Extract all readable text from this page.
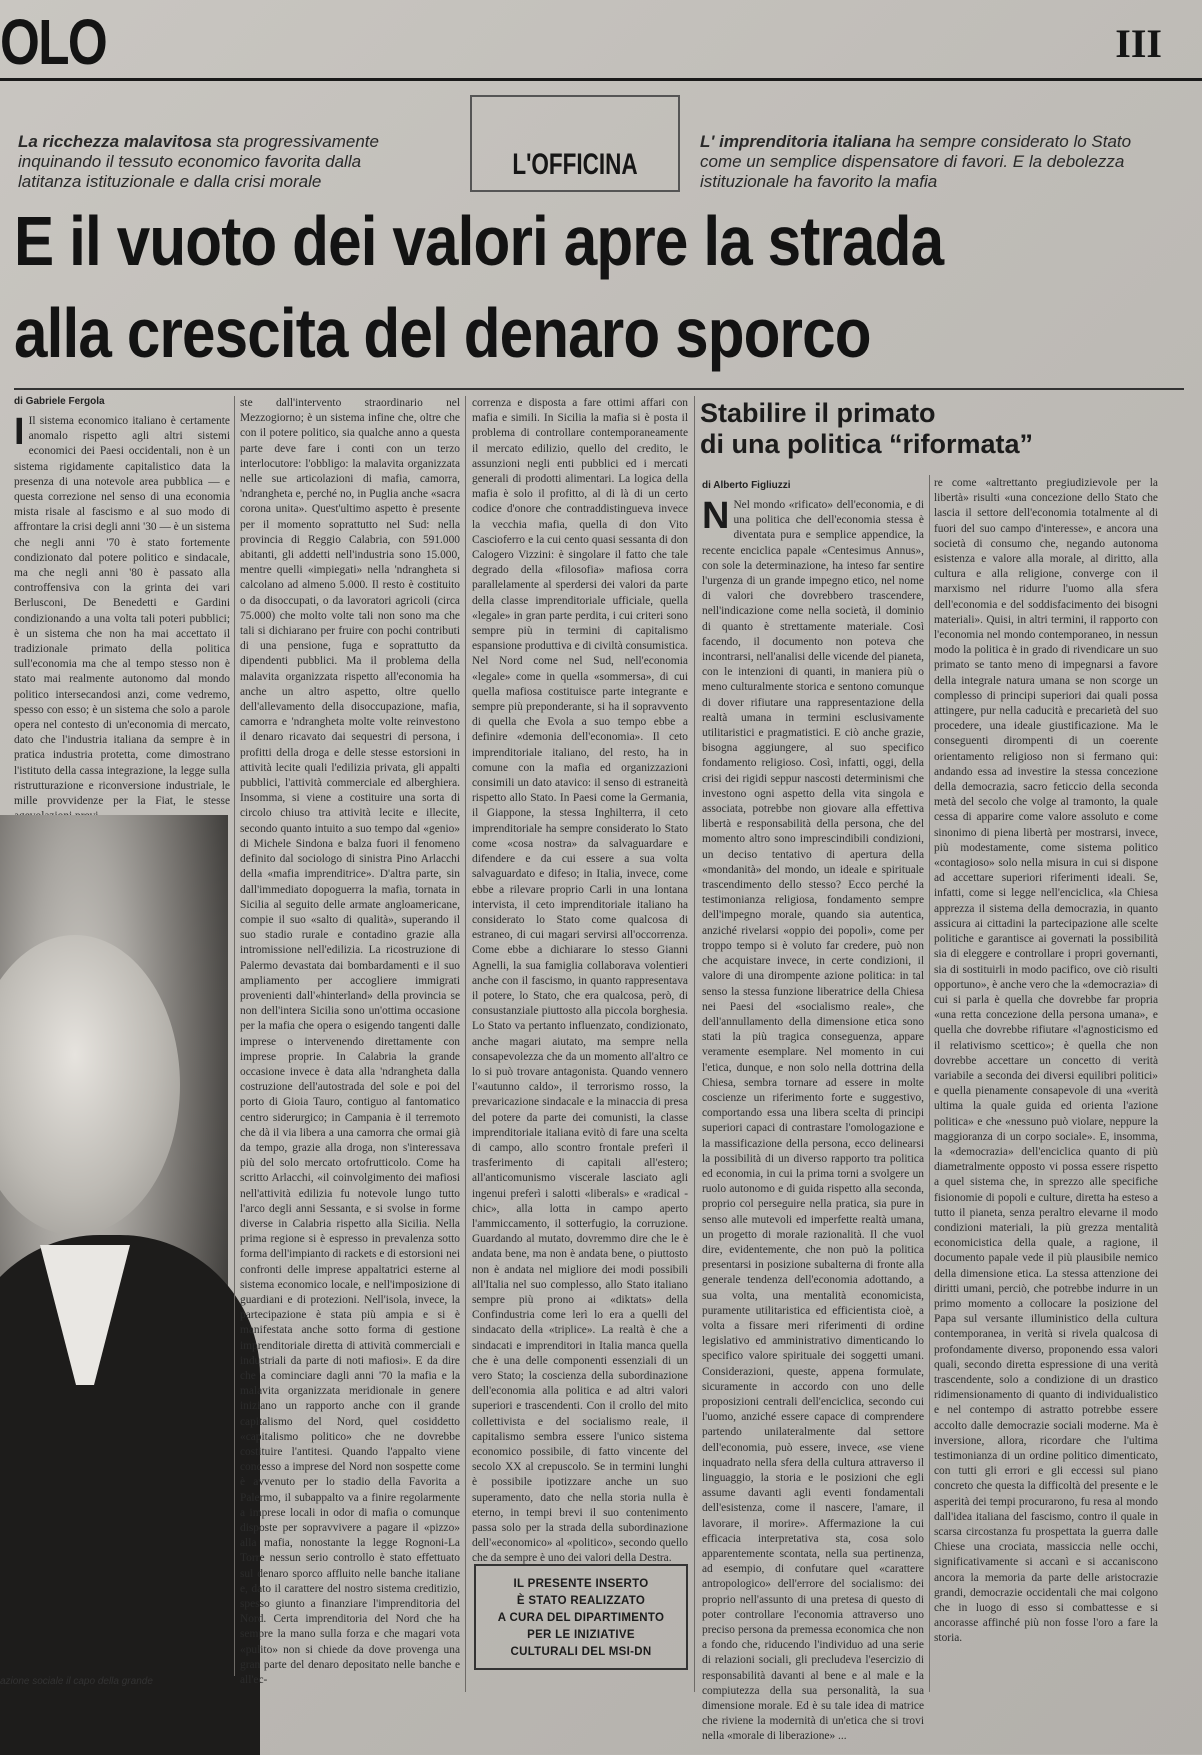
OLO	III
La ricchezza malavitosa sta progressivamente inquinando il tessuto economico favorita dalla latitanza istituzionale e dalla crisi morale
L'OFFICINA
L' imprenditoria italiana ha sempre considerato lo Stato come un semplice dispensatore di favori. E la debolezza istituzionale ha favorito la mafia
E il vuoto dei valori apre la strada
alla crescita del denaro sporco
di Gabriele Fergola

I Il sistema economico italiano è certamente anomalo rispetto agli altri sistemi economici dei Paesi occidentali, non è un sistema rigidamente capitalistico data la presenza di una notevole area pubblica — e questa correzione nel senso di una economia mista risale al fascismo e al suo modo di affrontare la crisi degli anni '30 — è un sistema che negli anni '70 è stato fortemente condizionato dal potere politico e sindacale, ma che negli anni '80 è passato alla controffensiva con la grinta dei vari Berlusconi, De Benedetti e Gardini condizionando a una volta tali poteri pubblici; è un sistema che non ha mai accettato il tradizionale primato della politica sull'economia ma che al tempo stesso non è stato mai realmente autonomo dal mondo politico intersecandosi anzi, come vedremo, spesso con esso; è un sistema che solo a parole opera nel contesto di un'economia di mercato, dato che l'industria italiana da sempre è in pratica industria protetta, come dimostrano l'istituto della cassa integrazione, la legge sulla ristrutturazione e riconversione industriale, le mille provvidenze per la Fiat, le stesse

azione sociale il capo della grande

ste dall'intervento straordinario nel Mezzogiorno; è un sistema infine che, oltre che con il potere politico, sia qualche anno a questa parte deve fare i conti con un terzo interlocutore: l'obbligo: la malavita organizzata nelle sue articolazioni di mafia, camorra, 'ndrangheta e, perché no, in Puglia anche «sacra corona unita». Quest'ultimo aspetto è presente per il momento soprattutto nel Sud: nella provincia di Reggio Calabria, con 591.000 abitanti, gli addetti nell'industria sono 15.000, mentre quelli «impiegati» nella 'ndrangheta si calcolano ad almeno 5.000. Il resto è costituito o da disoccupati, o da lavoratori agricoli (circa 75.000) che molto volte tali non sono ma che tali si dichiarano per fruire con pochi contributi di una pensione, fuga e soprattutto da dipendenti pubblici. Ma il problema della malavita organizzata rispetto all'economia ha anche un altro aspetto, oltre quello dell'allevamento della disoccupazione, mafia, camorra e 'ndrangheta molte volte reinvestono il denaro ricavato dai sequestri di persona, i profitti della droga e delle stesse estorsioni in attività lecite quali l'edilizia privata, gli appalti pubblici, l'attività commerciale ed alberghiera. Insomma, si viene a costituire una sorta di circolo chiuso tra attività lecite e illecite, secondo quanto intuito a suo tempo dal «genio» di Michele Sindona e balza fuori il fenomeno definito dal sociologo di sinistra Pino Arlacchi della «mafia imprenditrice». D'altra parte, sin dall'immediato dopoguerra la mafia, tornata in Sicilia al seguito delle armate angloamericane, compie il suo «salto di qualità», superando il suo stadio rurale e contadino grazie alla intromissione nell'edilizia. La ricostruzione di Palermo devastata dai bombardamenti e il suo ampliamento per accogliere immigrati provenienti dall'«hinterland» della provincia se non dell'intera Sicilia sono un'ottima occasione per la mafia che opera o esigendo tangenti dalle imprese o intervenendo direttamente con imprese proprie. In Calabria la grande occasione invece è data alla 'ndrangheta dalla costruzione dell'autostrada del sole e poi del porto di Gioia Tauro, contiguo al fantomatico centro siderurgico; in Campania è il terremoto che dà il via libera a una camorra che ormai già da tempo, grazie alla droga, non s'interessava più del solo mercato ortofrutticolo. Come ha scritto Arlacchi, «il coinvolgimento dei mafiosi nell'attività edilizia fu notevole lungo tutto l'arco degli anni Sessanta, e si svolse in forme diverse in Calabria rispetto alla Sicilia. Nella prima regione si è espresso in prevalenza sotto forma dell'impianto di rackets e di estorsioni nei confronti delle imprese appaltatrici esterne al sistema economico locale, e nell'imposizione di guardiani e di protezioni. Nell'isola, invece, la partecipazione è stata più ampia e si è manifestata anche sotto forma di gestione imprenditoriale diretta di attività commerciali e industriali da parte di noti mafiosi». E da dire che a cominciare dagli anni '70 la mafia e la malavita organizzata meridionale in genere iniziano un rapporto anche con il grande capitalismo del Nord, quel cosiddetto «capitalismo politico» che ne dovrebbe costituire l'antitesi. Quando l'appalto viene concesso a imprese del Nord non sospette come è avvenuto per lo stadio della Favorita a Palermo, il subappalto va a finire regolarmente a imprese locali in odor di mafia o comunque disposte per sopravvivere a pagare il «pizzo» alla mafia, nonostante la legge Rognoni-La Torre nessun serio controllo è stato effettuato sul denaro sporco affluito nelle banche italiane e, dato il carattere del nostro sistema creditizio, spesso giunto a finanziare l'imprenditoria del Nord. Certa imprenditoria del Nord che ha sempre la mano sulla forza e che magari vota «pulito» non si chiede da dove provenga una gran parte del denaro depositato nelle banche e all'ec-

correnza e disposta a fare ottimi affari con mafia e simili. In Sicilia la mafia si è posta il problema di controllare contemporaneamente il mercato edilizio, quello del credito, le assunzioni negli enti pubblici ed i mercati generali di prodotti alimentari. La logica della mafia è solo il profitto, al di là di un certo codice d'onore che contraddistingueva invece la vecchia mafia, quella di don Vito Cascioferro e la cui cento quasi sessanta di don Calogero Vizzini: è singolare il fatto che tale degrado della «filosofia» mafiosa corra parallelamente al sperdersi dei valori da parte della classe imprenditoriale ufficiale, quella «legale» in gran parte perdita, i cui criteri sono sempre più in termini di capitalismo espansione produttiva e di civiltà consumistica. Nel Nord come nel Sud, nell'economia «legale» come in quella «sommersa», di cui quella mafiosa costituisce parte integrante e sempre più preponderante, si ha il sopravvento di quella che Evola a suo tempo ebbe a definire «demonia dell'economia». Il ceto imprenditoriale italiano, del resto, ha in comune con la mafia ed organizzazioni consimili un dato atavico: il senso di estraneità rispetto allo Stato. In Paesi come la Germania, il Giappone, la stessa Inghilterra, il ceto imprenditoriale ha sempre considerato lo Stato come «cosa nostra» da salvaguardare e difendere e da cui essere a sua volta salvaguardato e difeso; in Italia, invece, come ebbe a rilevare proprio Carli in una lontana intervista, il ceto imprenditoriale italiano ha considerato lo Stato come qualcosa di estraneo, di cui magari servirsi all'occorrenza. Come ebbe a dichiarare lo stesso Gianni Agnelli, la sua famiglia collaborava volentieri anche con il fascismo, in quanto rappresentava il potere, lo Stato, che era qualcosa, però, di consustanziale piuttosto alla piccola borghesia. Lo Stato va pertanto influenzato, condizionato, anche magari aiutato, ma sempre nella consapevolezza che da un momento all'altro ce lo si può trovare antagonista. Quando vennero l'«autunno caldo», il terrorismo rosso, la prevaricazione sindacale e la minaccia di presa del potere da parte dei comunisti, la classe imprenditoriale italiana evitò di fare una scelta di campo, allo scontro frontale preferì il trasferimento di capitali all'estero; all'anticomunismo viscerale lasciato agli ingenui preferì i salotti «liberals» e «radical - chic», alla lotta in campo aperto l'ammiccamento, il sotterfugio, la corruzione. Guardando al mutato, dovremmo dire che le è andata bene, ma non è andata bene, o piuttosto non è andata nel migliore dei modi possibili all'Italia nel suo complesso, allo Stato italiano sempre più prono ai «diktats» della Confindustria come lerì lo era a quelli del sindacato della «triplice». La realtà è che a sindacati e imprenditori in Italia manca quella che è una delle componenti essenziali di un vero Stato; la coscienza della subordinazione dell'economia alla politica e ad altri valori superiori e trascendenti. Con il crollo del mito collettivista e del socialismo reale, il capitalismo sembra essere l'unico sistema economico possibile, di fatto vincente del secolo XX al crepuscolo. Se in termini lunghi è possibile ipotizzare anche un suo superamento, dato che nella storia nulla è eterno, in tempi brevi il suo contenimento passa solo per la strada della subordinazione dell'«economico» al «politico», secondo quello che da sempre è uno dei valori della Destra.

IL PRESENTE INSERTO
È STATO REALIZZATO
A CURA DEL DIPARTIMENTO
PER LE INIZIATIVE
CULTURALI DEL MSI-DN
Stabilire il primato
di una politica “riformata”
di Alberto Figliuzzi

N Nel mondo «rificato» dell'economia, e di una politica che dell'economia stessa è diventata pura e semplice appendice, la recente enciclica papale «Centesimus Annus», con sole la determinazione, ha inteso far sentire l'urgenza di un grande impegno etico, nel nome di valori che dovrebbero trascendere, nell'indicazione come nella società, il dominio di quanto è strettamente materiale. Così facendo, il documento non poteva che incontrarsi, nell'analisi delle vicende del pianeta, con le intenzioni di quanti, in maniera più o meno culturalmente storica e sentono comunque di dover rifiutare una rappresentazione della realtà umana in termini esclusivamente utilitaristici e pragmatistici. E ciò anche grazie, bisogna aggiungere, al suo specifico fondamento religioso. Così, infatti, oggi, della crisi dei rigidi seppur nascosti determinismi che investono ogni aspetto della vita singola e associata, potrebbe non giovare alla effettiva libertà e responsabilità della persona, che del momento altro sono imprescindibili condizioni, un deciso tentativo di apertura della «mondanità» del mondo, un ideale e spirituale trascendimento dello stesso? Ecco perché la testimonianza religiosa, fondamento sempre dell'impegno morale, quando sia autentica, anziché rivelarsi «oppio dei popoli», come per troppo tempo si è voluto far credere, può non che acquistare invece, in certe condizioni, il valore di una dirompente azione politica: in tal senso la stessa funzione liberatrice della Chiesa nei Paesi del «socialismo reale», che dell'annullamento della dimensione etica sono stati la più tragica conseguenza, appare veramente esemplare. Nel momento in cui l'etica, dunque, e non solo nella dottrina della Chiesa, sembra tornare ad essere in molte coscienze un riferimento forte e suggestivo, comportando essa una libera scelta di principi superiori capaci di contrastare l'omologazione e la massificazione della persona, ecco delinearsi la possibilità di un diverso rapporto tra politica ed economia, in cui la prima torni a svolgere un ruolo autonomo e di guida rispetto alla seconda, proprio col perseguire nella pratica, sia pure in senso alle mutevoli ed imperfette realtà umana, un progetto di morale razionalità. Il che vuol dire, evidentemente, che non può la politica presentarsi in posizione subalterna di fronte alla generale tendenza dell'economia adottando, a sua volta, una mentalità economicista, puramente utilitaristica ed efficientista cioè, a volta a fissare meri riferimenti di ordine legislativo ed amministrativo dimenticando lo specifico valore spirituale dei soggetti umani. Considerazioni, queste, appena formulate, sicuramente in accordo con uno delle proposizioni centrali dell'enciclica, secondo cui l'uomo, anziché essere capace di comprendere partendo unilateralmente dal settore dell'economia, può essere, invece, «se viene inquadrato nella sfera della cultura attraverso il linguaggio, la storia e le posizioni che egli assume davanti agli eventi fondamentali dell'esistenza, come il nascere, l'amare, il lavorare, il morire». Affermazione la cui efficacia interpretativa sta, cosa solo apparentemente scontata, nella sua pertinenza, ad esempio, di confutare quel «carattere antropologico» dell'errore del socialismo: dei proprio nell'assunto di una pretesa di questo di poter controllare l'economia attraverso uno preciso persona da premessa economica che non a fondo che, riducendo l'individuo ad una serie di relazioni sociali, gli precludeva l'esercizio di responsabilità davanti al bene e al male e la compiutezza della sua personalità, la sua dimensione morale. Ed è su tale idea di matrice che riviene la modernità di un'etica che si trovi nella «morale di liberazione» ...

re come «altrettanto pregiudizievole per la libertà» risulti «una concezione dello Stato che lascia il settore dell'economia totalmente al di fuori del suo campo d'interesse», e ancora una società di consumo che, negando autonoma esistenza e valore alla morale, al diritto, alla cultura e alla religione, converge con il marxismo nel ridurre l'uomo alla sfera dell'economia e del soddisfacimento dei bisogni materiali». Quisi, in altri termini, il rapporto con l'economia nel mondo contemporaneo, in nessun modo la politica è in grado di rivendicare un suo primato se tanto meno di impegnarsi a favore della integrale natura umana se non scorge un complesso di principi superiori dai quali possa attingere, pur nella caducità e precarietà del suo procedere, una ideale giustificazione. Ma le conseguenti dirompenti di un coerente orientamento religioso non si fermano qui: andando essa ad investire la stessa concezione della democrazia, sacro feticcio della seconda metà del secolo che volge al tramonto, la quale cessa di apparire come valore assoluto e come sinonimo di piena libertà per mostrarsi, invece, più modestamente, come sistema politico «contagioso» solo nella misura in cui si dispone ad accettare superiori riferimenti ideali. Se, infatti, come si legge nell'enciclica, «la Chiesa apprezza il sistema della democrazia, in quanto assicura ai cittadini la partecipazione alle scelte politiche e garantisce ai governati la possibilità sia di eleggere e controllare i propri governanti, sia di sostituirli in modo pacifico, ove ciò risulti opportuno», è anche vero che la «democrazia» di cui si parla è quella che dovrebbe far propria «una retta concezione della persona umana», e quella che dovrebbe rifiutare «l'agnosticismo ed il relativismo scettico»; è quella che non dovrebbe accettare un concetto di verità variabile a seconda dei diversi equilibri politici» e quella pienamente consapevole di una «verità ultima la quale guida ed orienta l'azione politica» e che «nessuno può violare, neppure la maggioranza di un corpo sociale». E, insomma, la «democrazia» dell'enciclica quanto di più diametralmente opposto vi possa essere rispetto a quel sistema che, in sprezzo alle specifiche fisionomie di popoli e culture, diretta ha esteso a tutto il pianeta, senza peraltro elevarne il modo condizioni materiali, la più grezza mentalità economicistica della quale, a ragione, il documento papale vede il più plausibile nemico della dimensione etica. La stessa attenzione dei diritti umani, perciò, che potrebbe indurre in un primo momento a collocare la posizione del Papa sul versante illuministico della cultura contemporanea, in verità si rivela qualcosa di profondamente diverso, proponendo essa valori quali, secondo diretta espressione di una verità trascendente, solo a condizione di un drastico ridimensionamento di quanto di individualistico e nel contempo di astratto potrebbe essere accolto dalle democrazie sociali moderne. Ma è inversione, allora, ricordare che l'ultima testimonianza di un ordine politico dimenticato, con tutti gli errori e gli eccessi sul piano concreto che questa la difficoltà del presente e le asperità dei tempi procurarono, fu resa al mondo dall'idea italiana del fascismo, contro il quale in scarsa circostanza fu prospettata la guerra dalle Chiese una crociata, massiccia nelle occhi, significativamente si accanì e si accaniscono ancora la memoria da parte delle aristocrazie grandi, democrazie occidentali che mai colgono che in luogo di esso si combattesse e si ancorasse affinché più non fosse l'oro a fare la storia.
